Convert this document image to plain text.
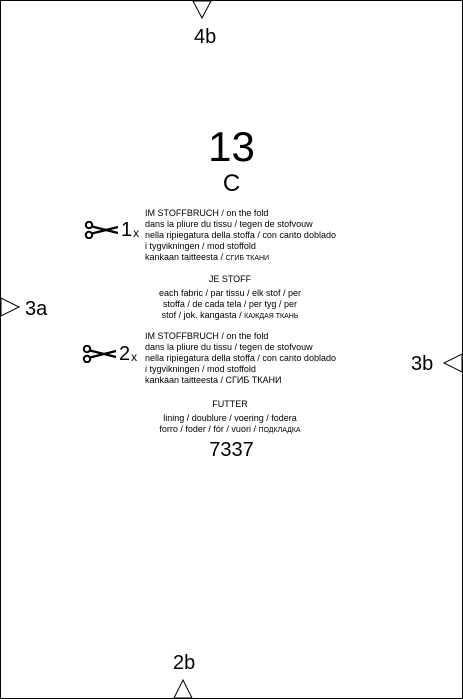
4b
3a
3b
2b
13
C
1 x
IM STOFFBRUCH / on the fold
dans la pliure du tissu / tegen de stofvouw
nella ripiegatura della stoffa / con canto doblado
i tygvikningen / mod stoffold
kankaan taitteesta / СГИБ ТКАНИ
JE STOFF
each fabric / par tissu / elk stof / per
stoffa / de cada tela / per tyg / per
stof / jok. kangasta / КАЖДАЯ ТКАНЬ
2 x
IM STOFFBRUCH / on the fold
dans la pliure du tissu / tegen de stofvouw
nella ripiegatura della stoffa / con canto doblado
i tygvikningen / mod stoffold
kankaan taitteesta / СГИБ ТКАНИ
FUTTER
lining / doublure / voering / fodera
forro / foder / fór / vuori / ПОДКЛАДКА
7337
